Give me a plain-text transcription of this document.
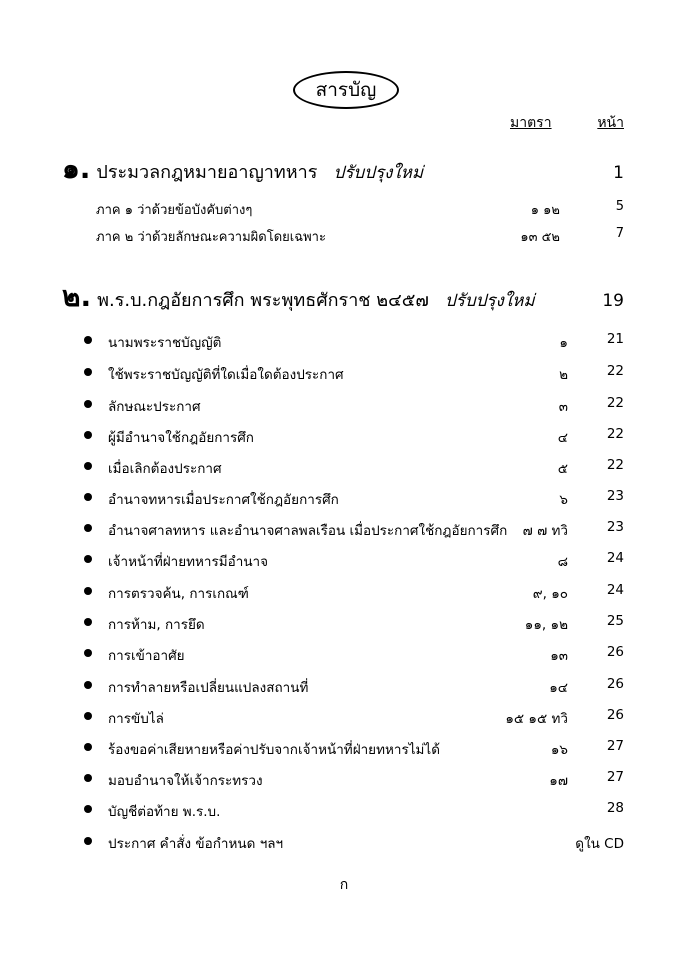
สารบัญ
มาตรา	หน้า
๑. ประมวลกฎหมายอาญาทหาร ปรับปรุงใหม่	1
ภาค ๑ ว่าด้วยข้อบังคับต่างๆ	๑ ๑๒	5
ภาค ๒ ว่าด้วยลักษณะความผิดโดยเฉพาะ	๑๓ ๕๒	7
๒. พ.ร.บ.กฎอัยการศึก พระพุทธศักราช ๒๔๕๗ ปรับปรุงใหม่	19
นามพระราชบัญญัติ	๑	21
ใช้พระราชบัญญัติที่ใดเมื่อใดต้องประกาศ	๒	22
ลักษณะประกาศ	๓	22
ผู้มีอำนาจใช้กฎอัยการศึก	๔	22
เมื่อเลิกต้องประกาศ	๕	22
อำนาจทหารเมื่อประกาศใช้กฎอัยการศึก	๖	23
อำนาจศาลทหาร และอำนาจศาลพลเรือน เมื่อประกาศใช้กฎอัยการศึก ๗ ๗ ทวิ	23
เจ้าหน้าที่ฝ่ายทหารมีอำนาจ	๘	24
การตรวจค้น, การเกณฑ์	๙, ๑๐	24
การห้าม, การยึด	๑๑, ๑๒	25
การเข้าอาศัย	๑๓	26
การทำลายหรือเปลี่ยนแปลงสถานที่	๑๔	26
การขับไล่	๑๕ ๑๕ ทวิ	26
ร้องขอค่าเสียหายหรือค่าปรับจากเจ้าหน้าที่ฝ่ายทหารไม่ได้	๑๖	27
มอบอำนาจให้เจ้ากระทรวง	๑๗	27
บัญชีต่อท้าย พ.ร.บ.	28
ประกาศ คำสั่ง ข้อกำหนด ฯลฯ	ดูใน CD
ก
